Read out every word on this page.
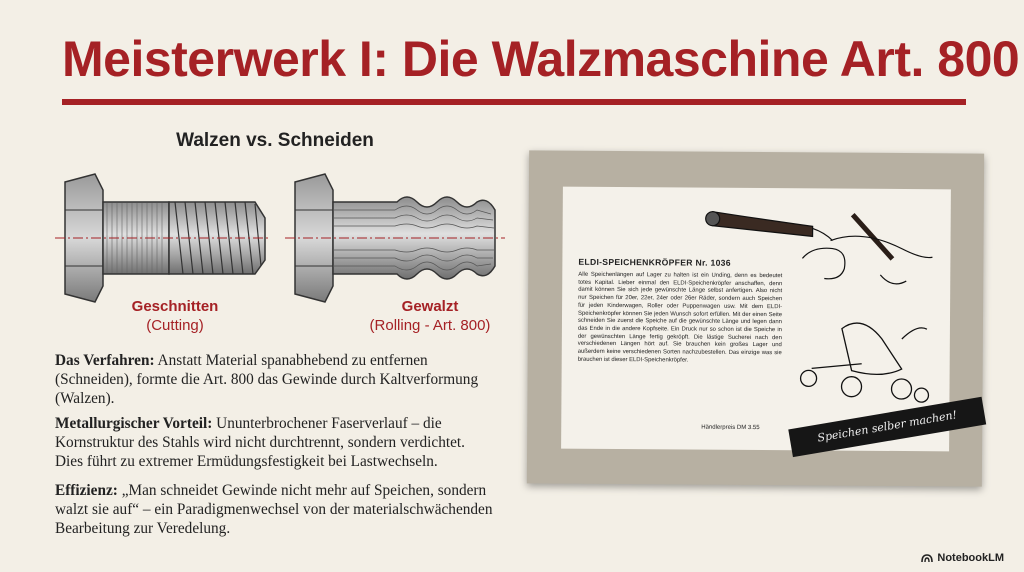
Meisterwerk I: Die Walzmaschine Art. 800
Walzen vs. Schneiden
Geschnitten
(Cutting)
Gewalzt
(Rolling - Art. 800)
Das Verfahren: Anstatt Material spanabhebend zu entfernen (Schneiden), formte die Art. 800 das Gewinde durch Kaltverformung (Walzen).
Metallurgischer Vorteil: Ununterbrochener Faserverlauf – die Kornstruktur des Stahls wird nicht durchtrennt, sondern verdichtet. Dies führt zu extremer Ermüdungsfestigkeit bei Lastwechseln.
Effizienz: „Man schneidet Gewinde nicht mehr auf Speichen, sondern walzt sie auf“ – ein Paradigmenwechsel von der materialschwächenden Bearbeitung zur Veredelung.
ELDI-SPEICHENKRÖPFER Nr. 1036
Alle Speichenlängen auf Lager zu halten ist ein Unding, denn es bedeutet totes Kapital. Lieber einmal den ELDI-Speichenkröpfer anschaffen, denn damit können Sie sich jede gewünschte Länge selbst anfertigen. Also nicht nur Speichen für 20er, 22er, 24er oder 26er Räder, sondern auch Speichen für jeden Kinderwagen, Roller oder Puppenwagen usw. Mit dem ELDI-Speichenkröpfer können Sie jeden Wunsch sofort erfüllen. Mit der einen Seite schneiden Sie zuerst die Speiche auf die gewünschte Länge und legen dann das Ende in die andere Kopfseite. Ein Druck nur so schon ist die Speiche in der gewünschten Länge fertig gekröpft. Die lästige Sucherei nach den verschiedenen Längen hört auf. Sie brauchen kein großes Lager und außerdem keine verschiedenen Sorten nachzubestellen. Das einzige was sie brauchen ist dieser ELDI-Speichenkröpfer.
Händlerpreis DM 3.55	Speichen selber machen!
NotebookLM
